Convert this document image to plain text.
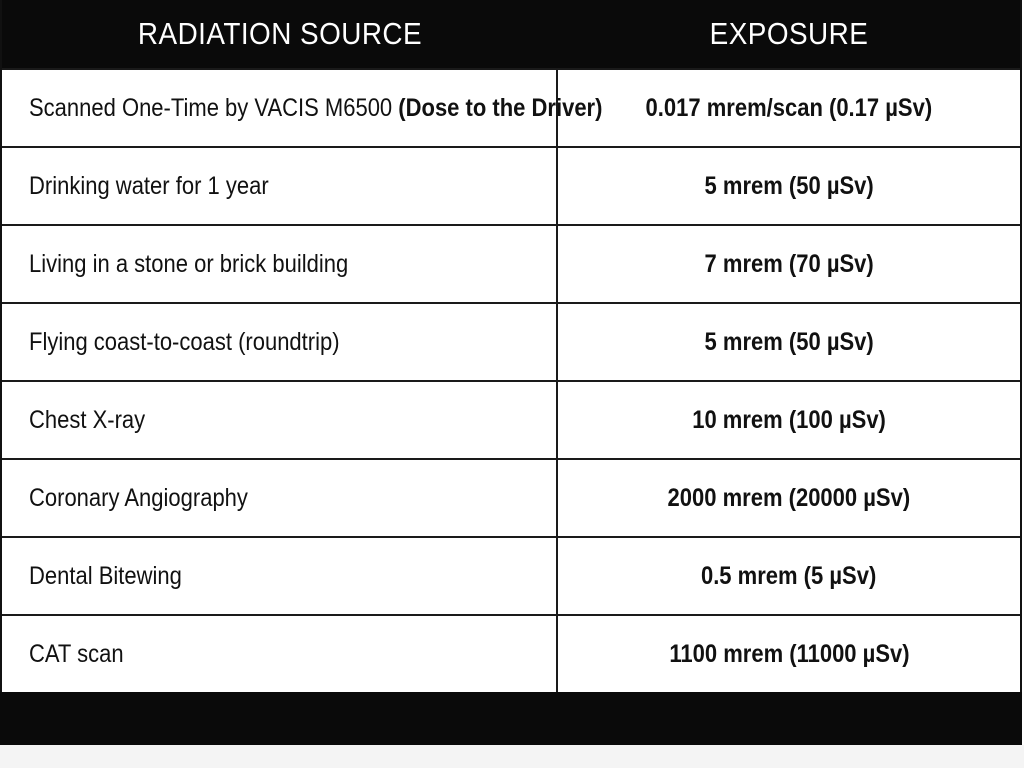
RADIATION SOURCE	EXPOSURE
Scanned One-Time by VACIS M6500 (Dose to the Driver) 0.017 mrem/scan (0.17 µSv)
Drinking water for 1 year	5 mrem (50 µSv)
Living in a stone or brick building	7 mrem (70 µSv)
Flying coast-to-coast (roundtrip)	5 mrem (50 µSv)
Chest X-ray	10 mrem (100 µSv)
Coronary Angiography	2000 mrem (20000 µSv)
Dental Bitewing	0.5 mrem (5 µSv)
CAT scan	1100 mrem (11000 µSv)
